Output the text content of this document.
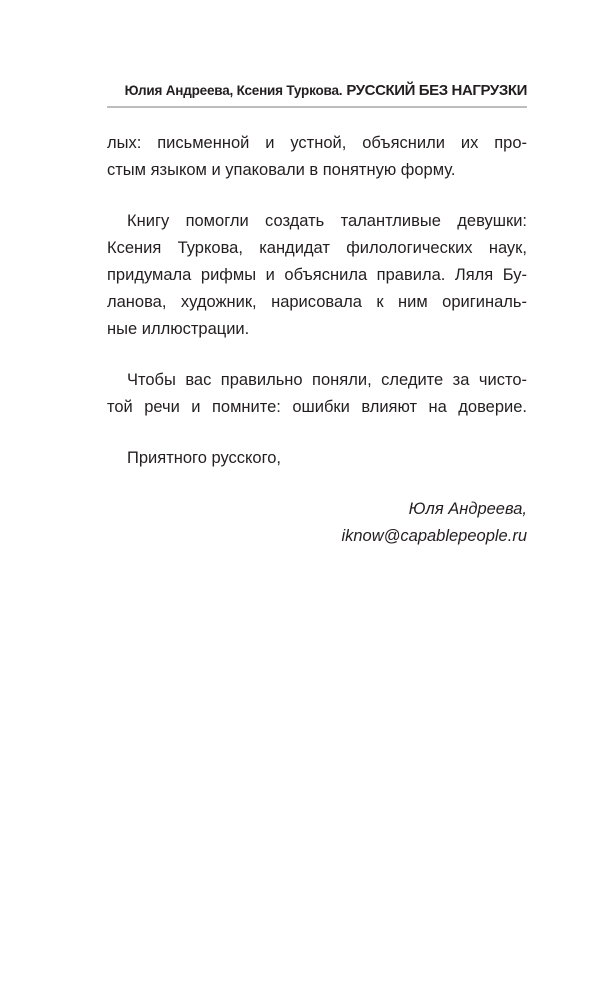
Юлия Андреева, Ксения Туркова. РУССКИЙ БЕЗ НАГРУЗКИ
лых: письменной и устной, объяснили их про-
стым языком и упаковали в понятную форму.
Книгу помогли создать талантливые девушки:
Ксения Туркова, кандидат филологических наук,
придумала рифмы и объяснила правила. Ляля Бу-
ланова, художник, нарисовала к ним оригиналь-
ные иллюстрации.
Чтобы вас правильно поняли, следите за чисто-
той речи и помните: ошибки влияют на доверие.
Приятного русского,
Юля Андреева,
iknow@capablepeople.ru
